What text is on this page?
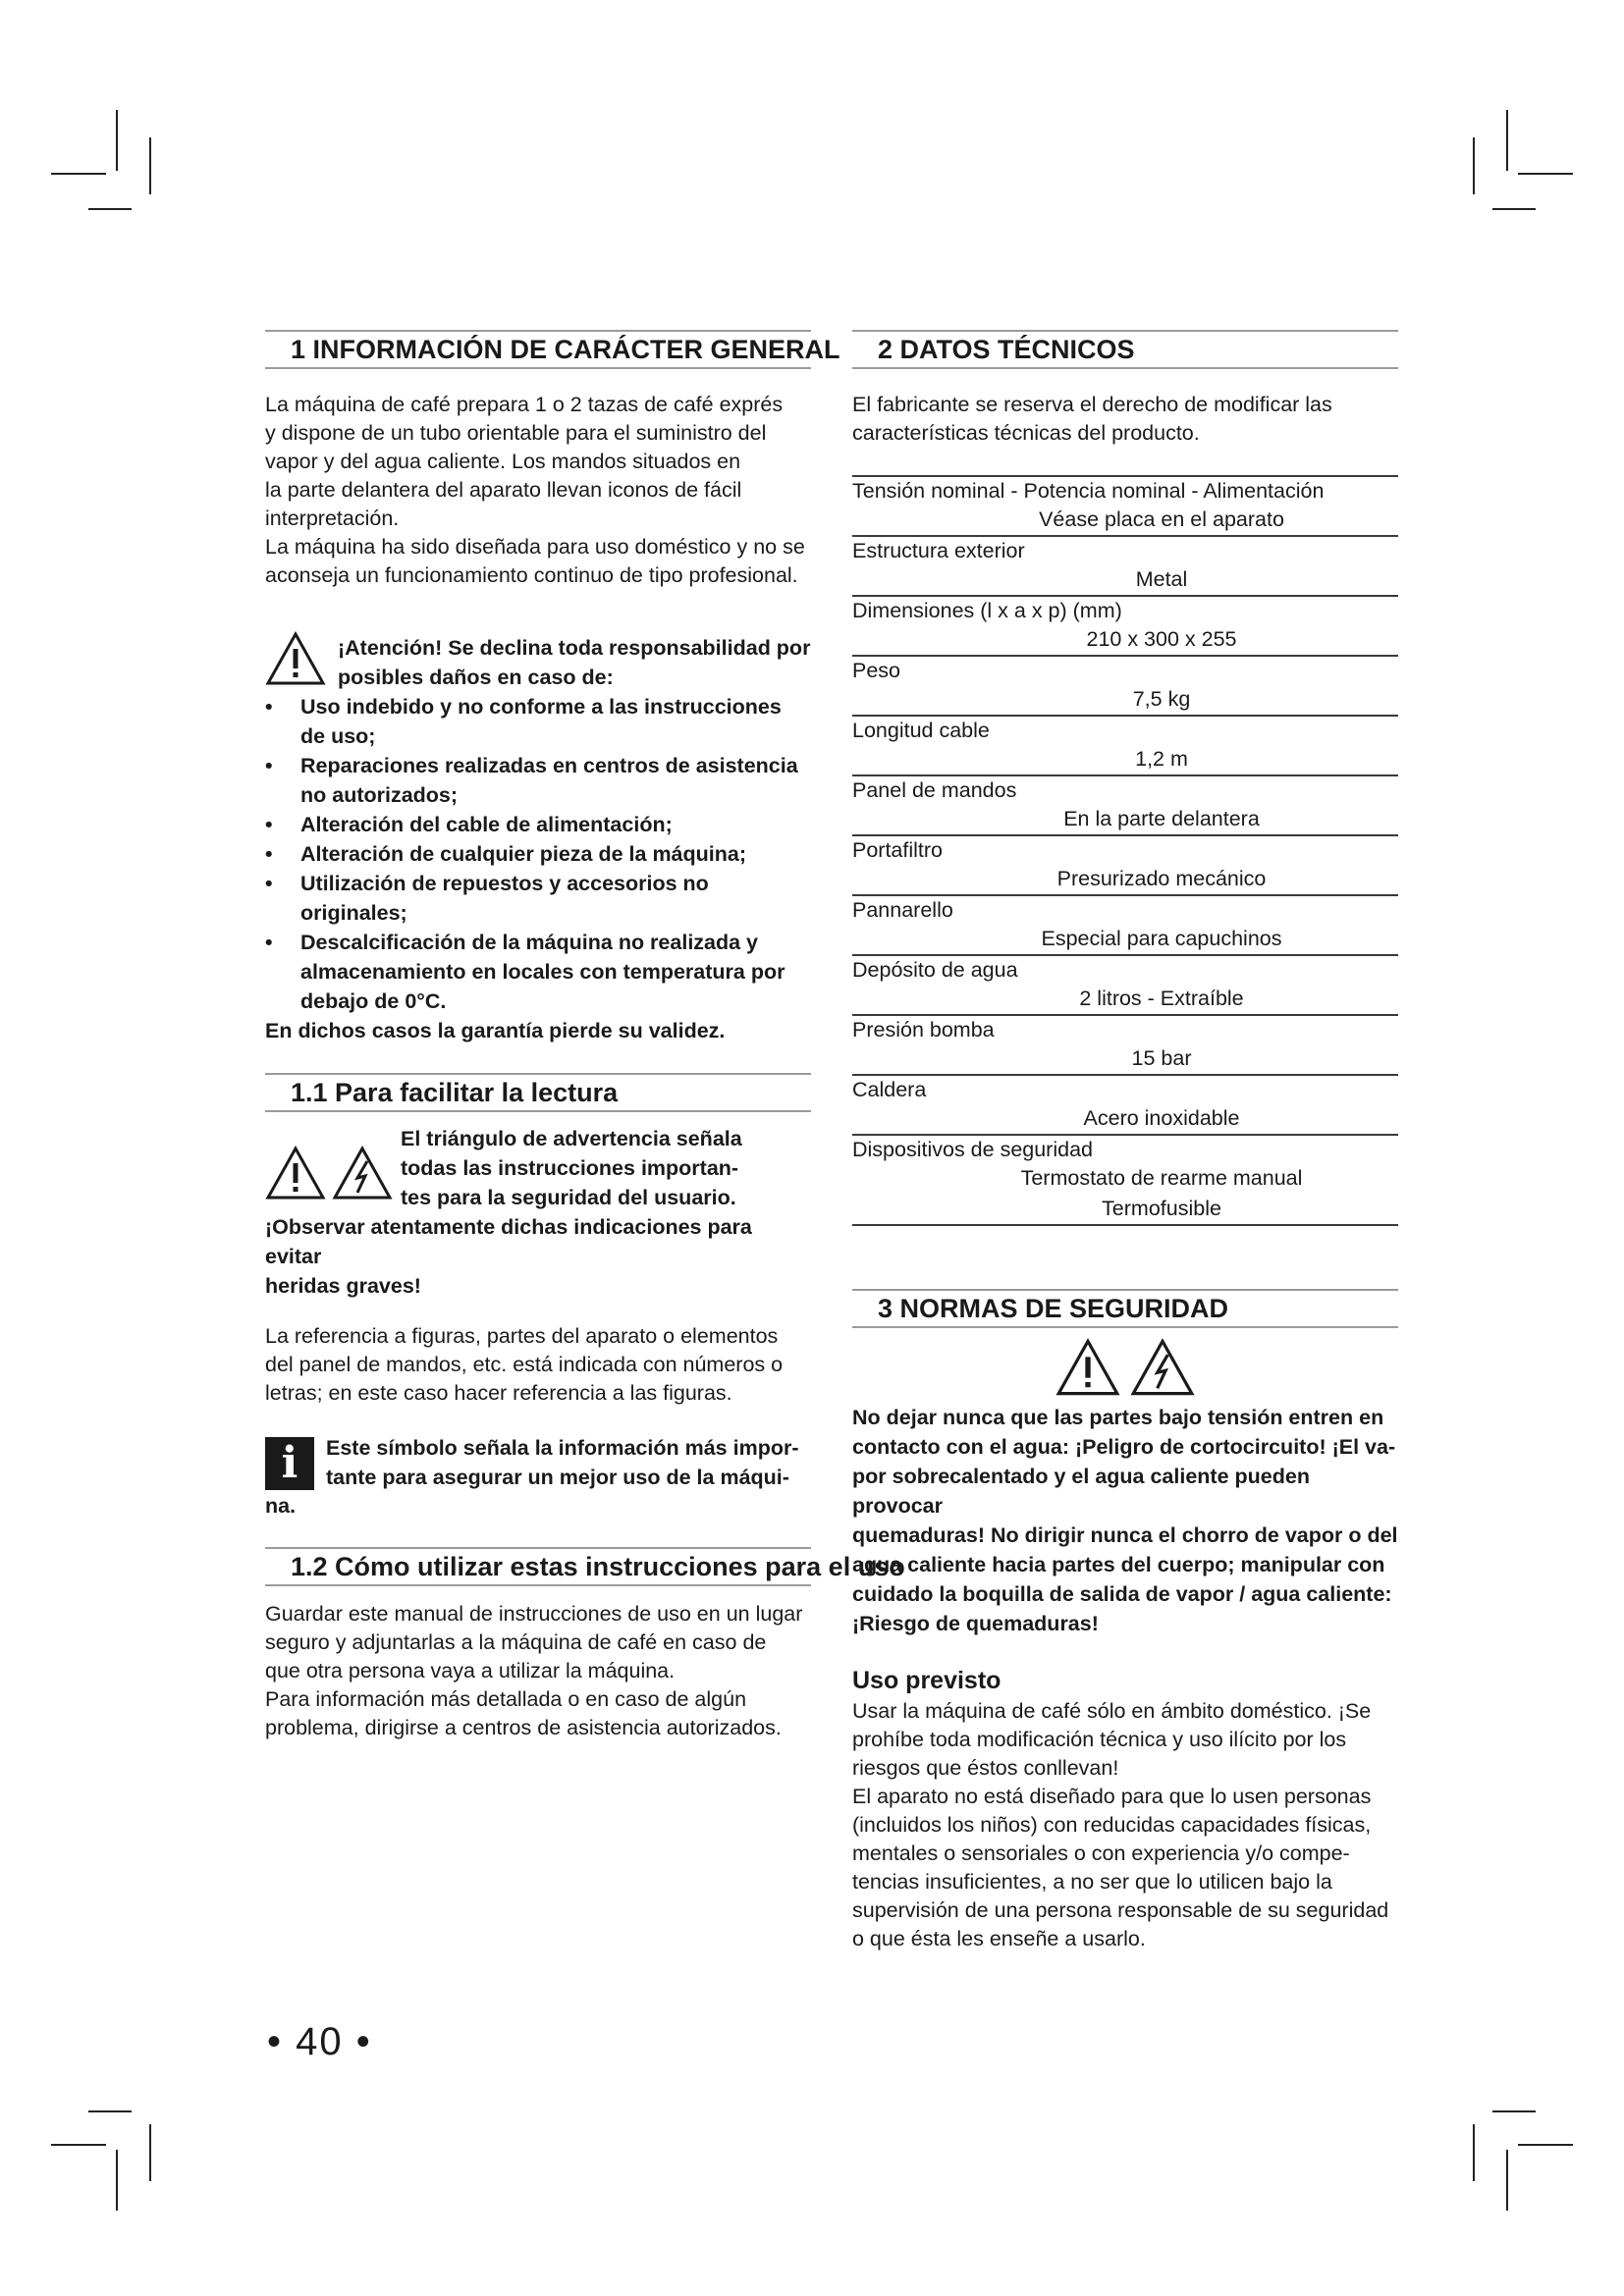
1 INFORMACIÓN DE CARÁCTER GENERAL

La máquina de café prepara 1 o 2 tazas de café exprés

y dispone de un tubo orientable para el suministro del

vapor y del agua caliente. Los mandos situados en

la parte delantera del aparato llevan iconos de fácil

interpretación.

La máquina ha sido diseñada para uso doméstico y no se

aconseja un funcionamiento continuo de tipo profesional.

¡Atención! Se declina toda responsabilidad por
posibles daños en caso de:
• Uso indebido y no conforme a las instrucciones de uso;
• Reparaciones realizadas en centros de asistencia no autorizados;
• Alteración del cable de alimentación;
• Alteración de cualquier pieza de la máquina;
• Utilización de repuestos y accesorios no originales;
• Descalcificación de la máquina no realizada y almacenamiento en locales con temperatura por debajo de 0°C.

En dichos casos la garantía pierde su validez.

1.1 Para facilitar la lectura
El triángulo de advertencia señala
todas las instrucciones importan-
tes para la seguridad del usuario.

¡Observar atentamente dichas indicaciones para evitar

heridas graves!

La referencia a figuras, partes del aparato o elementos

del panel de mandos, etc. está indicada con números o

letras; en este caso hacer referencia a las figuras.

i	Este símbolo señala la información más impor-
tante para asegurar un mejor uso de la máqui-

na.

1.2 Cómo utilizar estas instrucciones para el uso

Guardar este manual de instrucciones de uso en un lugar

seguro y adjuntarlas a la máquina de café en caso de

que otra persona vaya a utilizar la máquina.

Para información más detallada o en caso de algún

problema, dirigirse a centros de asistencia autorizados.

2 DATOS TÉCNICOS

El fabricante se reserva el derecho de modificar las

características técnicas del producto.

Tensión nominal - Potencia nominal - Alimentación
Véase placa en el aparato
Estructura exterior
Metal
Dimensiones (l x a x p) (mm)
210 x 300 x 255
Peso
7,5 kg
Longitud cable
1,2 m
Panel de mandos
En la parte delantera
Portafiltro
Presurizado mecánico
Pannarello
Especial para capuchinos
Depósito de agua
2 litros - Extraíble
Presión bomba
15 bar
Caldera
Acero inoxidable
Dispositivos de seguridad
Termostato de rearme manual
Termofusible
3 NORMAS DE SEGURIDAD
No dejar nunca que las partes bajo tensión entren en
contacto con el agua: ¡Peligro de cortocircuito! ¡El va-
por sobrecalentado y el agua caliente pueden provocar
quemaduras! No dirigir nunca el chorro de vapor o del
agua caliente hacia partes del cuerpo; manipular con
cuidado la boquilla de salida de vapor / agua caliente:
¡Riesgo de quemaduras!
Uso previsto

Usar la máquina de café sólo en ámbito doméstico. ¡Se

prohíbe toda modificación técnica y uso ilícito por los

riesgos que éstos conllevan!

El aparato no está diseñado para que lo usen personas

(incluidos los niños) con reducidas capacidades físicas,

mentales o sensoriales o con experiencia y/o compe-

tencias insuficientes, a no ser que lo utilicen bajo la

supervisión de una persona responsable de su seguridad

o que ésta les enseñe a usarlo.

• 40 •
